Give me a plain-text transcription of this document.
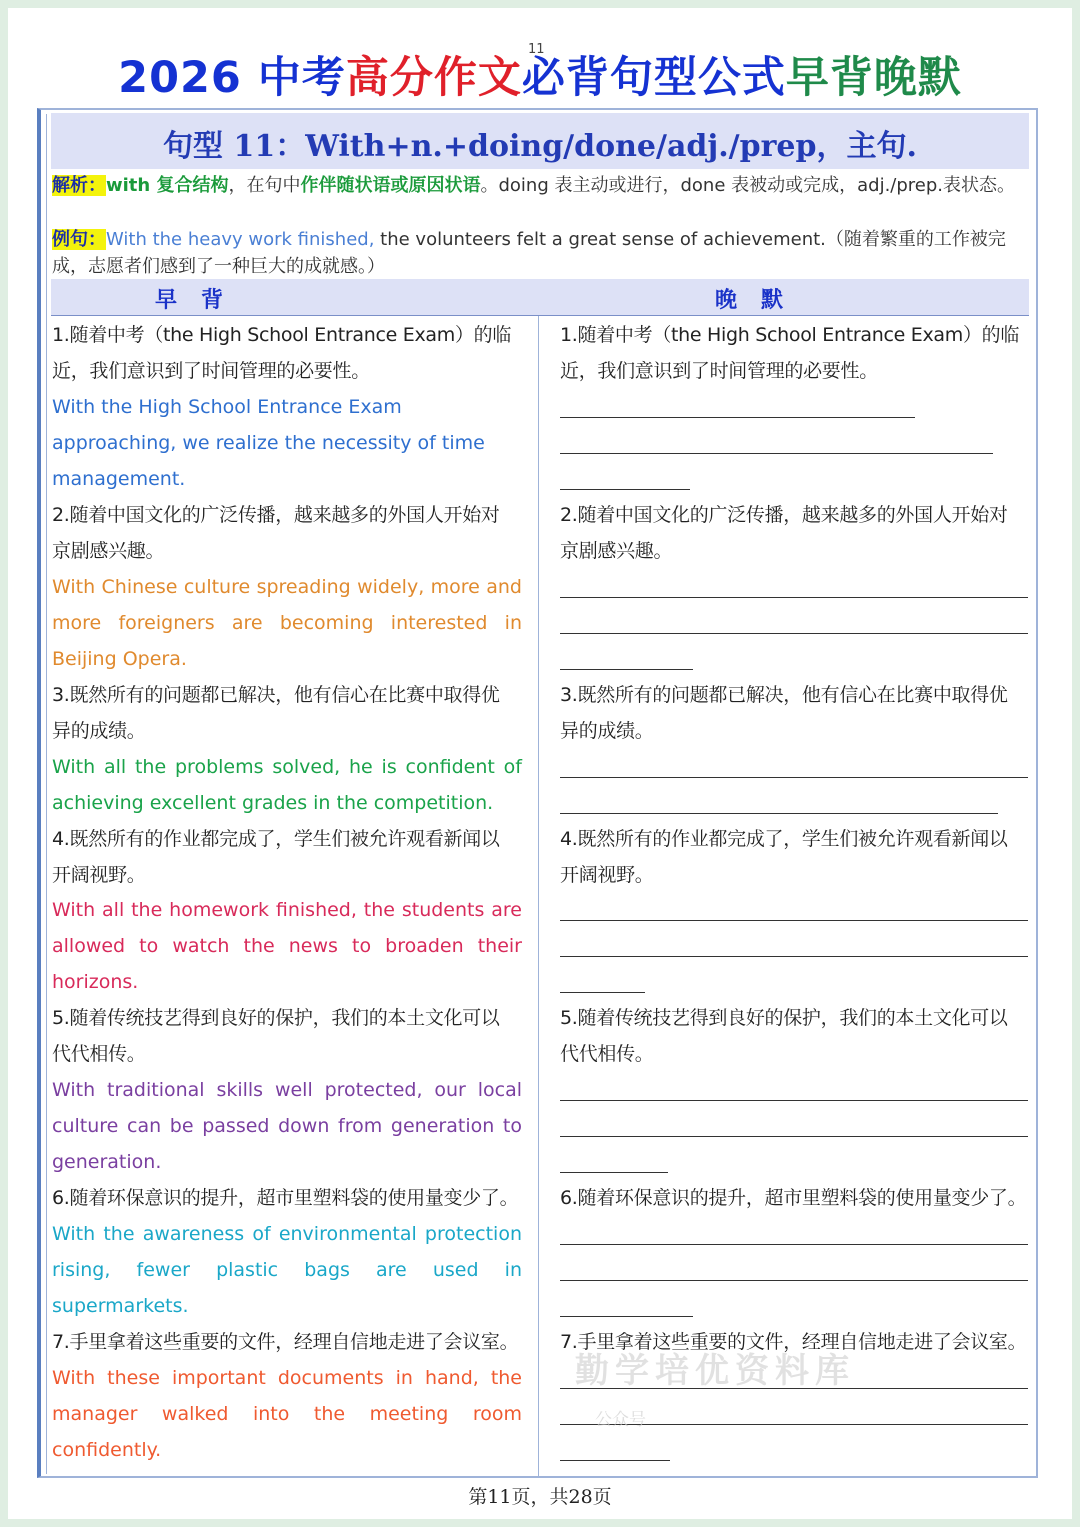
11
2026 中考高分作文必背句型公式早背晚默
句型 11：With+n.+doing/done/adj./prep，主句.
解析：with 复合结构，在句中作伴随状语或原因状语。doing 表主动或进行，done 表被动或完成，adj./prep.表状态。
例句：With the heavy work finished, the volunteers felt a great sense of achievement.（随着繁重的工作被完成，志愿者们感到了一种巨大的成就感。）
早背	晚默
1.随着中考（the High School Entrance Exam）的临
近，我们意识到了时间管理的必要性。
With the High School Entrance Exam
approaching, we realize the necessity of time
management.
1.随着中考（the High School Entrance Exam）的临
近，我们意识到了时间管理的必要性。
2.随着中国文化的广泛传播，越来越多的外国人开始对
京剧感兴趣。
With Chinese culture spreading widely, more and
more foreigners are becoming interested in
Beijing Opera.
2.随着中国文化的广泛传播，越来越多的外国人开始对
京剧感兴趣。
3.既然所有的问题都已解决，他有信心在比赛中取得优
异的成绩。
With all the problems solved, he is confident of
achieving excellent grades in the competition.
3.既然所有的问题都已解决，他有信心在比赛中取得优
异的成绩。
4.既然所有的作业都完成了，学生们被允许观看新闻以
开阔视野。
With all the homework finished, the students are
allowed to watch the news to broaden their
horizons.
4.既然所有的作业都完成了，学生们被允许观看新闻以
开阔视野。
5.随着传统技艺得到良好的保护，我们的本土文化可以
代代相传。
With traditional skills well protected, our local
culture can be passed down from generation to
generation.
5.随着传统技艺得到良好的保护，我们的本土文化可以
代代相传。
6.随着环保意识的提升，超市里塑料袋的使用量变少了。
With the awareness of environmental protection
rising, fewer plastic bags are used in
supermarkets.
6.随着环保意识的提升，超市里塑料袋的使用量变少了。
7.手里拿着这些重要的文件，经理自信地走进了会议室。
With these important documents in hand, the
manager walked into the meeting room
confidently.
7.手里拿着这些重要的文件，经理自信地走进了会议室。
勤学培优资料库
公众号
第11页，共28页
